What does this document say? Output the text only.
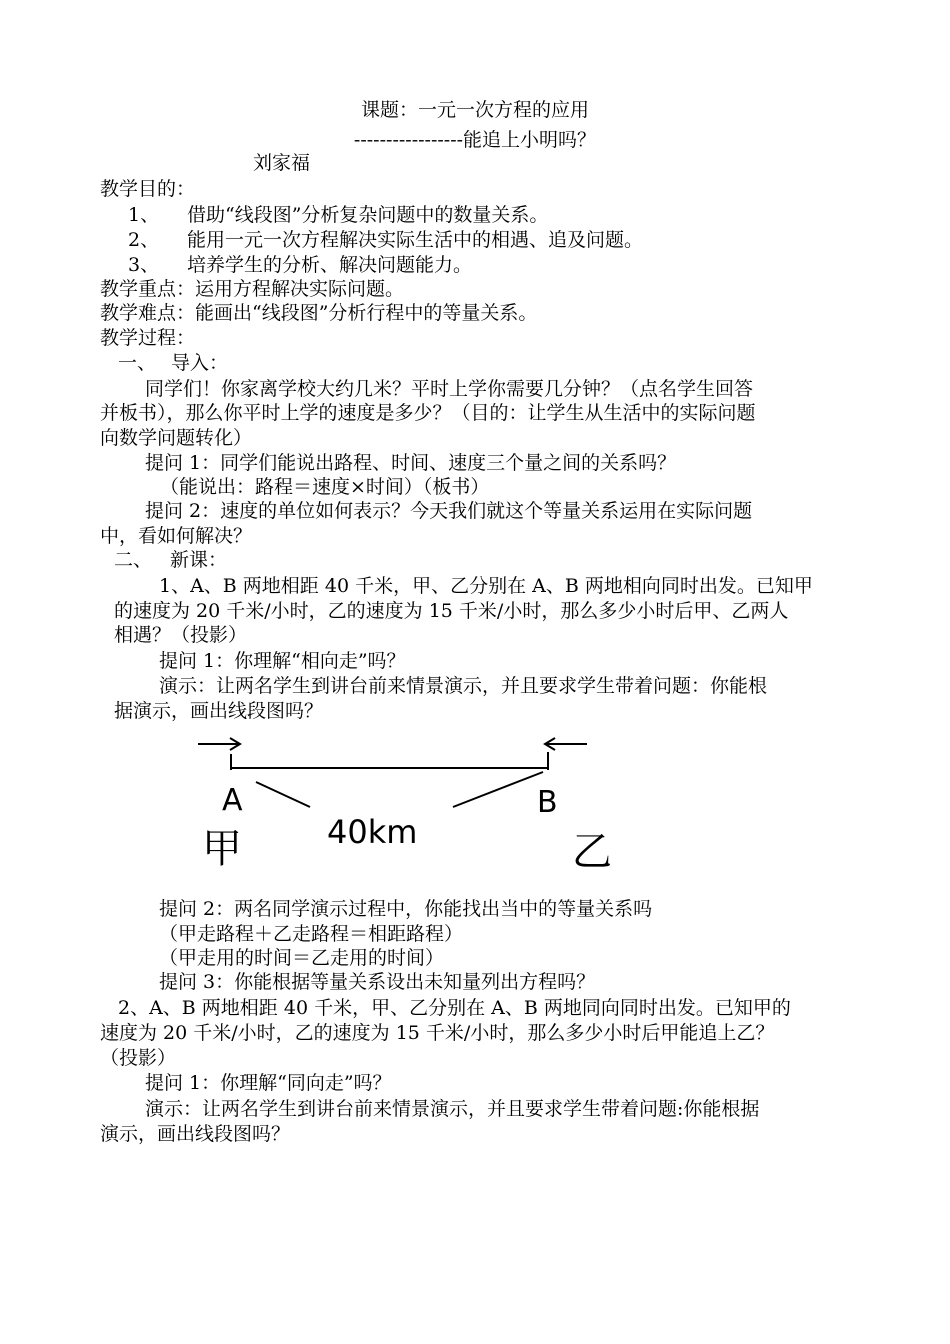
课题：一元一次方程的应用
-----------------能追上小明吗？
刘家福
教学目的：
1、 借助“线段图”分析复杂问题中的数量关系。
2、 能用一元一次方程解决实际生活中的相遇、追及问题。
3、 培养学生的分析、解决问题能力。
教学重点：运用方程解决实际问题。
教学难点：能画出“线段图”分析行程中的等量关系。
教学过程：
一、 导入：
同学们！你家离学校大约几米？平时上学你需要几分钟？（点名学生回答
并板书），那么你平时上学的速度是多少？（目的：让学生从生活中的实际问题
向数学问题转化）
提问 1：同学们能说出路程、时间、速度三个量之间的关系吗？
（能说出：路程＝速度×时间）（板书）
提问 2：速度的单位如何表示？今天我们就这个等量关系运用在实际问题
中，看如何解决？
二、 新课：
1、A、B 两地相距 40 千米，甲、乙分别在 A、B 两地相向同时出发。已知甲
的速度为 20 千米/小时，乙的速度为 15 千米/小时，那么多少小时后甲、乙两人
相遇？（投影）
提问 1：你理解“相向走”吗？
演示：让两名学生到讲台前来情景演示，并且要求学生带着问题：你能根
据演示，画出线段图吗？
A	B
40km
甲	乙
提问 2：两名同学演示过程中，你能找出当中的等量关系吗
（甲走路程＋乙走路程＝相距路程）
（甲走用的时间＝乙走用的时间）
提问 3：你能根据等量关系设出未知量列出方程吗？
2、A、B 两地相距 40 千米，甲、乙分别在 A、B 两地同向同时出发。已知甲的
速度为 20 千米/小时，乙的速度为 15 千米/小时，那么多少小时后甲能追上乙？
（投影）
提问 1：你理解“同向走”吗？
演示：让两名学生到讲台前来情景演示，并且要求学生带着问题:你能根据
演示，画出线段图吗？
